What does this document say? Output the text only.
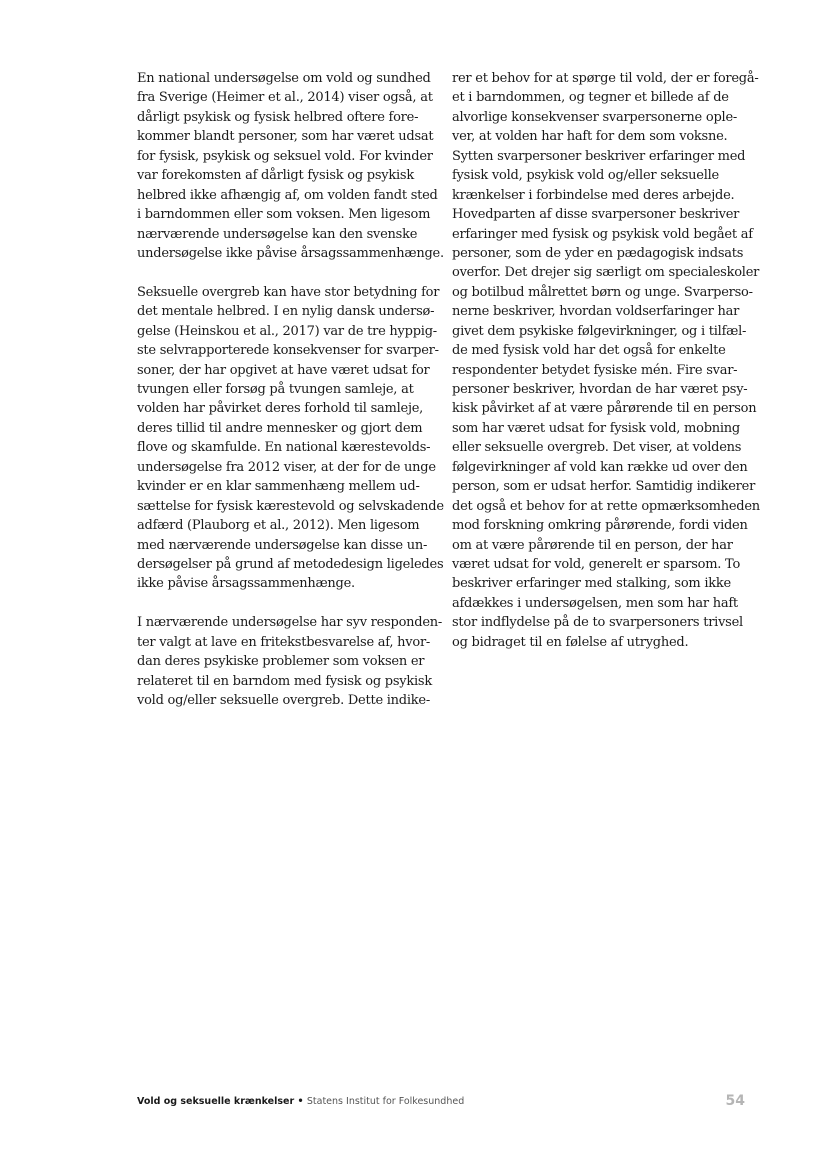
En national undersøgelse om vold og sundhed
fra Sverige (Heimer et al., 2014) viser også, at
dårligt psykisk og fysisk helbred oftere fore-
kommer blandt personer, som har været udsat
for fysisk, psykisk og seksuel vold. For kvinder
var forekomsten af dårligt fysisk og psykisk
helbred ikke afhængig af, om volden fandt sted
i barndommen eller som voksen. Men ligesom
nærværende undersøgelse kan den svenske
undersøgelse ikke påvise årsagssammenhænge.
Seksuelle overgreb kan have stor betydning for
det mentale helbred. I en nylig dansk undersø-
gelse (Heinskou et al., 2017) var de tre hyppig-
ste selvrapporterede konsekvenser for svarper-
soner, der har opgivet at have været udsat for
tvungen eller forsøg på tvungen samleje, at
volden har påvirket deres forhold til samleje,
deres tillid til andre mennesker og gjort dem
flove og skamfulde. En national kærestevolds-
undersøgelse fra 2012 viser, at der for de unge
kvinder er en klar sammenhæng mellem ud-
sættelse for fysisk kærestevold og selvskadende
adfærd (Plauborg et al., 2012). Men ligesom
med nærværende undersøgelse kan disse un-
dersøgelser på grund af metodedesign ligeledes
ikke påvise årsagssammenhænge.
I nærværende undersøgelse har syv responden-
ter valgt at lave en fritekstbesvarelse af, hvor-
dan deres psykiske problemer som voksen er
relateret til en barndom med fysisk og psykisk
vold og/eller seksuelle overgreb. Dette indike-
rer et behov for at spørge til vold, der er foregå-
et i barndommen, og tegner et billede af de
alvorlige konsekvenser svarpersonerne ople-
ver, at volden har haft for dem som voksne.
Sytten svarpersoner beskriver erfaringer med
fysisk vold, psykisk vold og/eller seksuelle
krænkelser i forbindelse med deres arbejde.
Hovedparten af disse svarpersoner beskriver
erfaringer med fysisk og psykisk vold begået af
personer, som de yder en pædagogisk indsats
overfor. Det drejer sig særligt om specialeskoler
og botilbud målrettet børn og unge. Svarperso-
nerne beskriver, hvordan voldserfaringer har
givet dem psykiske følgevirkninger, og i tilfæl-
de med fysisk vold har det også for enkelte
respondenter betydet fysiske mén. Fire svar-
personer beskriver, hvordan de har været psy-
kisk påvirket af at være pårørende til en person
som har været udsat for fysisk vold, mobning
eller seksuelle overgreb. Det viser, at voldens
følgevirkninger af vold kan række ud over den
person, som er udsat herfor. Samtidig indikerer
det også et behov for at rette opmærksomheden
mod forskning omkring pårørende, fordi viden
om at være pårørende til en person, der har
været udsat for vold, generelt er sparsom. To
beskriver erfaringer med stalking, som ikke
afdækkes i undersøgelsen, men som har haft
stor indflydelse på de to svarpersoners trivsel
og bidraget til en følelse af utryghed.
Vold og seksuelle krænkelser • Statens Institut for Folkesundhed	54
